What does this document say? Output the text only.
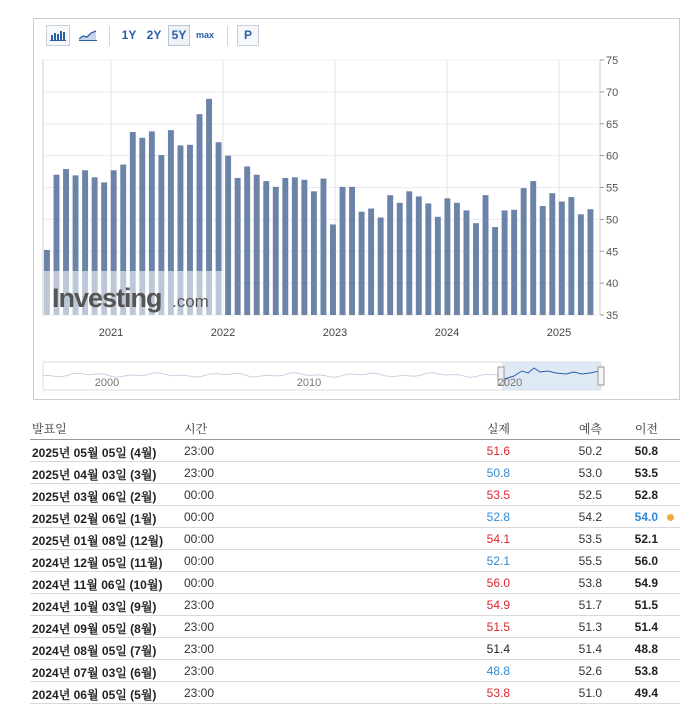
1Y 2Y 5Y	max	P
35
40
45
50
55
60
65
70
75
2021	2022	2023	2024	2025
Investing .com
2000	2010	2020
발표일	시간	실제	예측	이전
2025년 05월 05일 (4월) 23:00	51.6	50.2	50.8
2025년 04월 03일 (3월) 23:00	50.8	53.0	53.5
2025년 03월 06일 (2월) 00:00	53.5	52.5	52.8
2025년 02월 06일 (1월) 00:00	52.8	54.2	54.0
2025년 01월 08일 (12월) 00:00	54.1	53.5	52.1
2024년 12월 05일 (11월) 00:00	52.1	55.5	56.0
2024년 11월 06일 (10월) 00:00	56.0	53.8	54.9
2024년 10월 03일 (9월) 23:00	54.9	51.7	51.5
2024년 09월 05일 (8월) 23:00	51.5	51.3	51.4
2024년 08월 05일 (7월) 23:00	51.4	51.4	48.8
2024년 07월 03일 (6월) 23:00	48.8	52.6	53.8
2024년 06월 05일 (5월) 23:00	53.8	51.0	49.4
